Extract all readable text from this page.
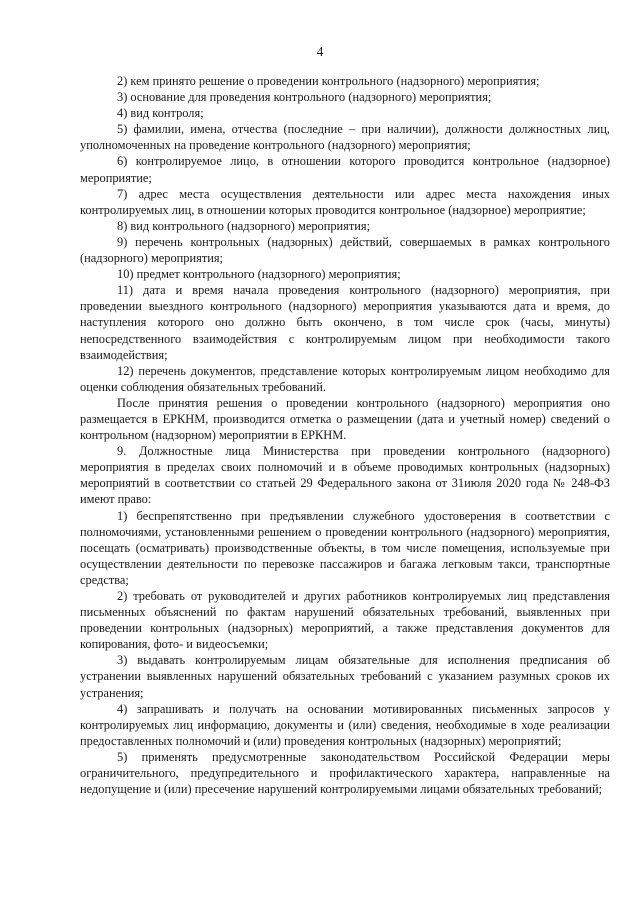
4

2) кем принято решение о проведении контрольного (надзорного) мероприятия;

3) основание для проведения контрольного (надзорного) мероприятия;

4) вид контроля;

5) фамилии, имена, отчества (последние – при наличии), должности должностных лиц, уполномоченных на проведение контрольного (надзорного) мероприятия;

6) контролируемое лицо, в отношении которого проводится контрольное (надзорное) мероприятие;

7) адрес места осуществления деятельности или адрес места нахождения иных контролируемых лиц, в отношении которых проводится контрольное (надзорное) мероприятие;

8) вид контрольного (надзорного) мероприятия;

9) перечень контрольных (надзорных) действий, совершаемых в рамках контрольного (надзорного) мероприятия;

10) предмет контрольного (надзорного) мероприятия;

11) дата и время начала проведения контрольного (надзорного) мероприятия, при проведении выездного контрольного (надзорного) мероприятия указываются дата и время, до наступления которого оно должно быть окончено, в том числе срок (часы, минуты) непосредственного взаимодействия с контролируемым лицом при необходимости такого взаимодействия;

12) перечень документов, представление которых контролируемым лицом необходимо для оценки соблюдения обязательных требований.

После принятия решения о проведении контрольного (надзорного) мероприятия оно размещается в ЕРКНМ, производится отметка о размещении (дата и учетный номер) сведений о контрольном (надзорном) мероприятии в ЕРКНМ.

9. Должностные лица Министерства при проведении контрольного (надзорного) мероприятия в пределах своих полномочий и в объеме проводимых контрольных (надзорных) мероприятий в соответствии со статьей 29 Федерального закона от 31июля 2020 года № 248-ФЗ имеют право:

1) беспрепятственно при предъявлении служебного удостоверения в соответствии с полномочиями, установленными решением о проведении контрольного (надзорного) мероприятия, посещать (осматривать) производственные объекты, в том числе помещения, используемые при осуществлении деятельности по перевозке пассажиров и багажа легковым такси, транспортные средства;

2) требовать от руководителей и других работников контролируемых лиц представления письменных объяснений по фактам нарушений обязательных требований, выявленных при проведении контрольных (надзорных) мероприятий, а также представления документов для копирования, фото- и видеосъемки;

3) выдавать контролируемым лицам обязательные для исполнения предписания об устранении выявленных нарушений обязательных требований с указанием разумных сроков их устранения;

4) запрашивать и получать на основании мотивированных письменных запросов у контролируемых лиц информацию, документы и (или) сведения, необходимые в ходе реализации предоставленных полномочий и (или) проведения контрольных (надзорных) мероприятий;

5) применять предусмотренные законодательством Российской Федерации меры ограничительного, предупредительного и профилактического характера, направленные на недопущение и (или) пресечение нарушений контролируемыми лицами обязательных требований;
